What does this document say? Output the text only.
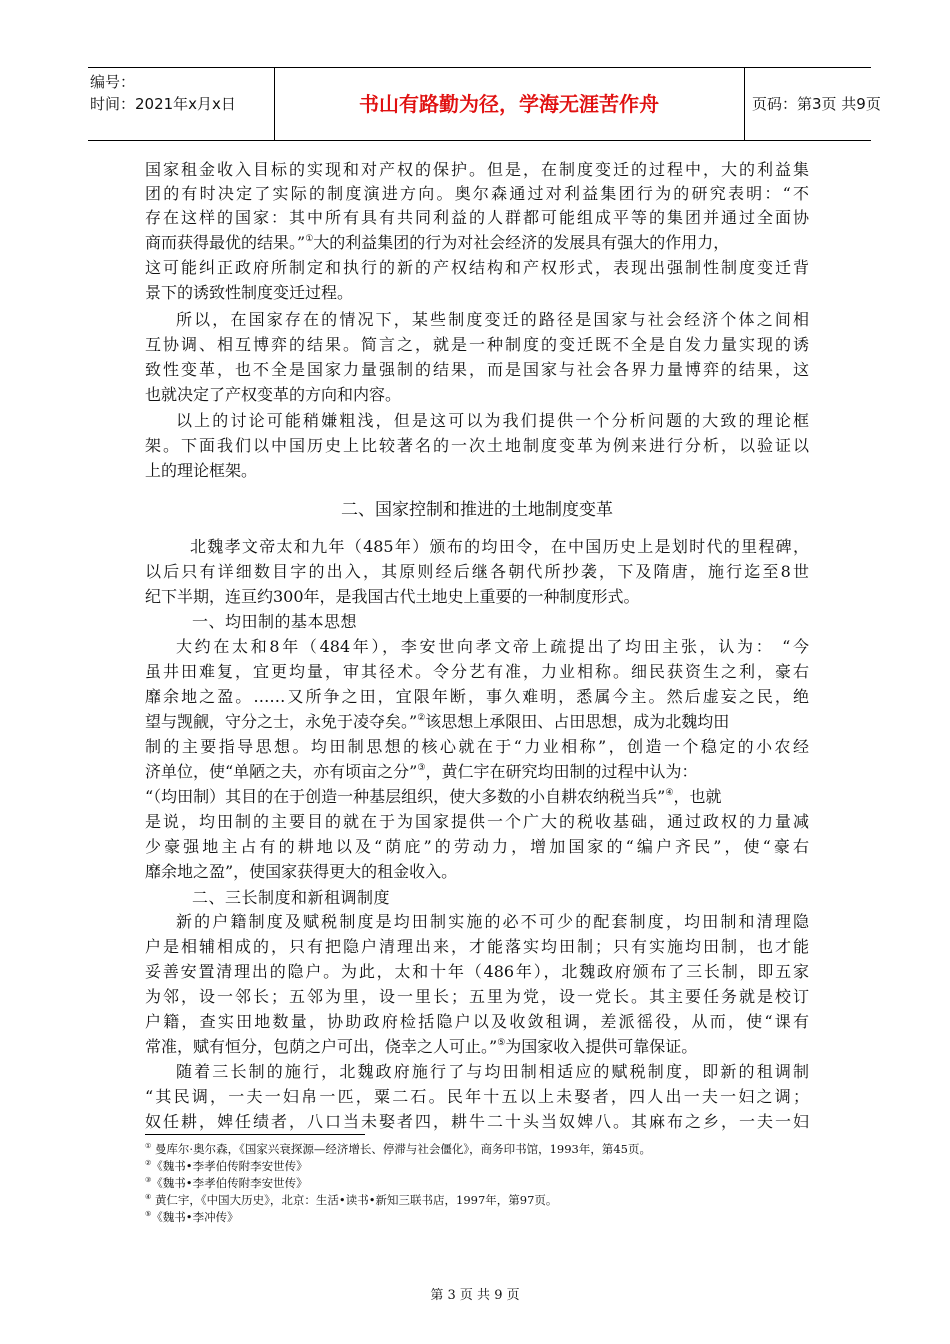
编号：
时间：2021年x月x日	书山有路勤为径，学海无涯苦作舟	页码：第3页 共9页
国家租金收入目标的实现和对产权的保护。但是，在制度变迁的过程中，大的利益集
团的有时决定了实际的制度演进方向。奥尔森通过对利益集团行为的研究表明：“不
存在这样的国家：其中所有具有共同利益的人群都可能组成平等的集团并通过全面协
商而获得最优的结果。”①大的利益集团的行为对社会经济的发展具有强大的作用力，
这可能纠正政府所制定和执行的新的产权结构和产权形式，表现出强制性制度变迁背
景下的诱致性制度变迁过程。
所以，在国家存在的情况下，某些制度变迁的路径是国家与社会经济个体之间相
互协调、相互博弈的结果。简言之，就是一种制度的变迁既不全是自发力量实现的诱
致性变革，也不全是国家力量强制的结果，而是国家与社会各界力量博弈的结果，这
也就决定了产权变革的方向和内容。
以上的讨论可能稍嫌粗浅，但是这可以为我们提供一个分析问题的大致的理论框
架。下面我们以中国历史上比较著名的一次土地制度变革为例来进行分析，以验证以
上的理论框架。
二、国家控制和推进的土地制度变革
北魏孝文帝太和九年（485年）颁布的均田令，在中国历史上是划时代的里程碑，
以后只有详细数目字的出入，其原则经后继各朝代所抄袭，下及隋唐，施行迄至8世
纪下半期，连亘约300年，是我国古代土地史上重要的一种制度形式。
一、均田制的基本思想
大约在太和8年（484年），李安世向孝文帝上疏提出了均田主张，认为： “今
虽井田难复，宜更均量，审其径术。令分艺有准，力业相称。细民获资生之利，豪右
靡余地之盈。……又所争之田，宜限年断，事久难明，悉属今主。然后虚妄之民，绝
望与觊觎，守分之士，永免于凌夺矣。”②该思想上承限田、占田思想，成为北魏均田
制的主要指导思想。均田制思想的核心就在于“力业相称”，创造一个稳定的小农经
济单位，使“单陋之夫，亦有顷亩之分”③，黄仁宇在研究均田制的过程中认为：
“（均田制）其目的在于创造一种基层组织，使大多数的小自耕农纳税当兵”④，也就
是说，均田制的主要目的就在于为国家提供一个广大的税收基础，通过政权的力量减
少豪强地主占有的耕地以及“荫庇”的劳动力，增加国家的“编户齐民”，使“豪右
靡余地之盈”，使国家获得更大的租金收入。
二、三长制度和新租调制度
新的户籍制度及赋税制度是均田制实施的必不可少的配套制度，均田制和清理隐
户是相辅相成的，只有把隐户清理出来，才能落实均田制；只有实施均田制，也才能
妥善安置清理出的隐户。为此，太和十年（486年），北魏政府颁布了三长制，即五家
为邻，设一邻长；五邻为里，设一里长；五里为党，设一党长。其主要任务就是校订
户籍，查实田地数量，协助政府检括隐户以及收敛租调，差派徭役，从而，使“课有
常准，赋有恒分，包荫之户可出，侥幸之人可止。”⑤为国家收入提供可靠保证。
随着三长制的施行，北魏政府施行了与均田制相适应的赋税制度，即新的租调制
“其民调，一夫一妇帛一匹，粟二石。民年十五以上未娶者，四人出一夫一妇之调；
奴任耕，婢任绩者，八口当未娶者四，耕牛二十头当奴婢八。其麻布之乡，一夫一妇
① 曼库尔·奥尔森，《国家兴衰探源—经济增长、停滞与社会僵化》，商务印书馆，1993年，第45页。
②《魏书•李孝伯传附李安世传》
③《魏书•李孝伯传附李安世传》
④ 黄仁宇，《中国大历史》，北京：生活•读书•新知三联书店，1997年，第97页。
⑤《魏书•李冲传》
第 3 页 共 9 页
